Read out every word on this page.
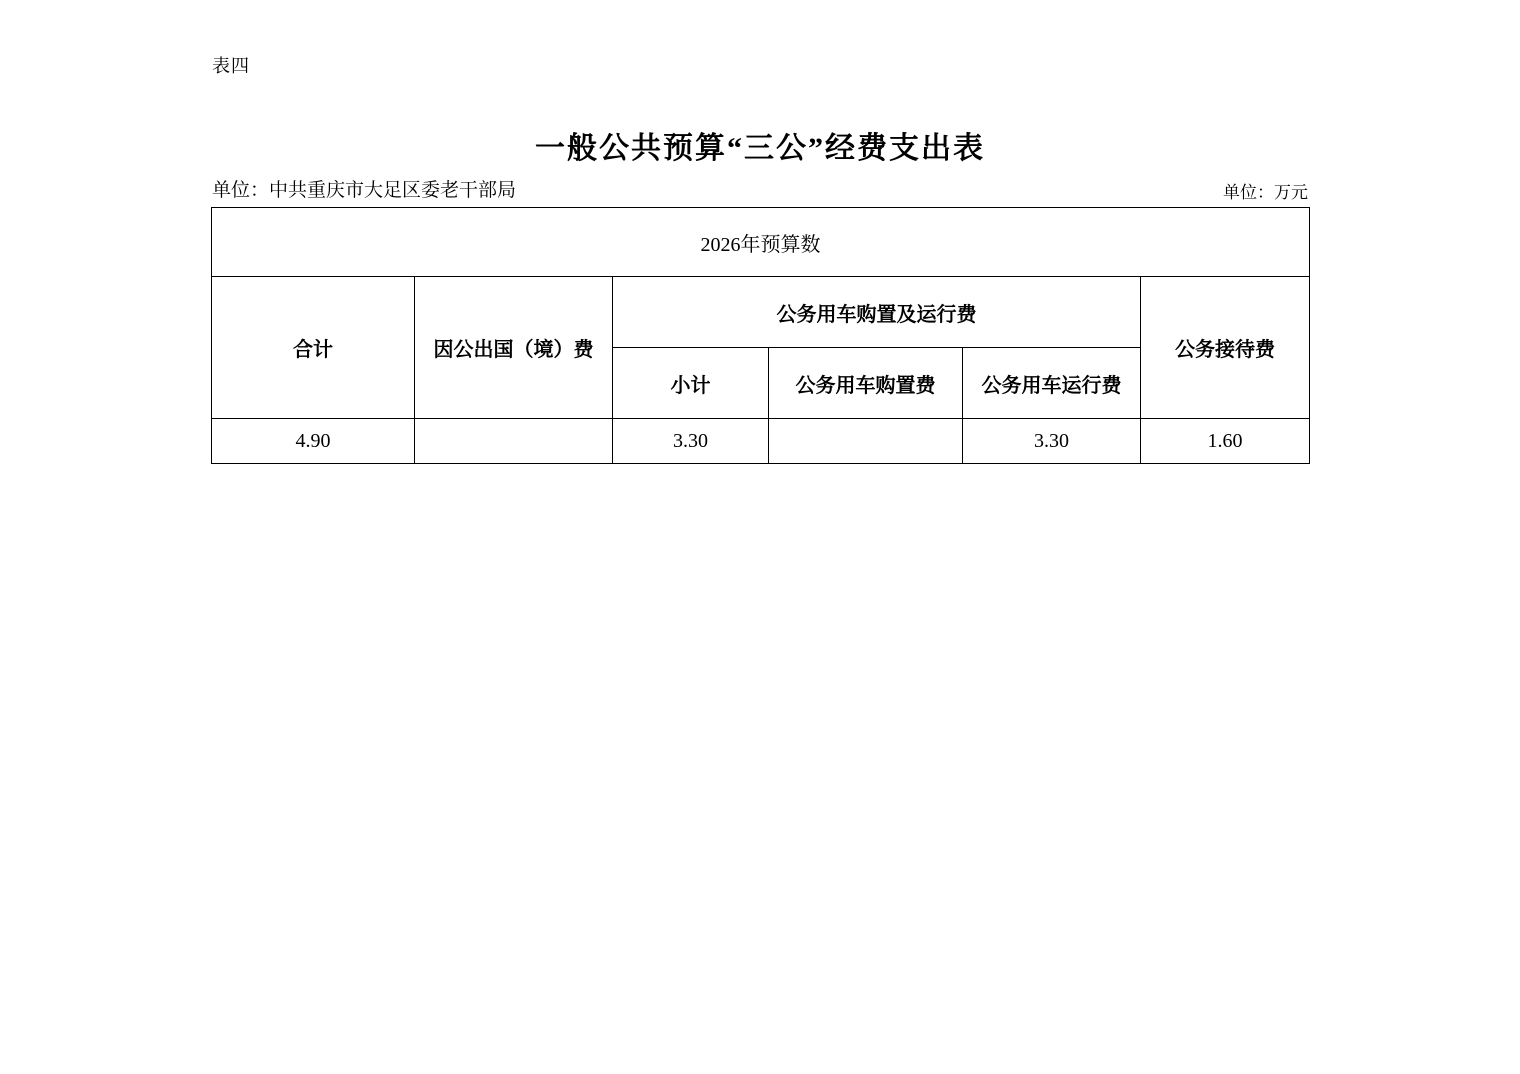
表四
一般公共预算“三公”经费支出表
单位：中共重庆市大足区委老干部局	单位：万元
2026年预算数					
合计	因公出国（境）费	公务用车购置及运行费			公务接待费
		小计	公务用车购置费	公务用车运行费	
4.90		3.30		3.30	1.60
